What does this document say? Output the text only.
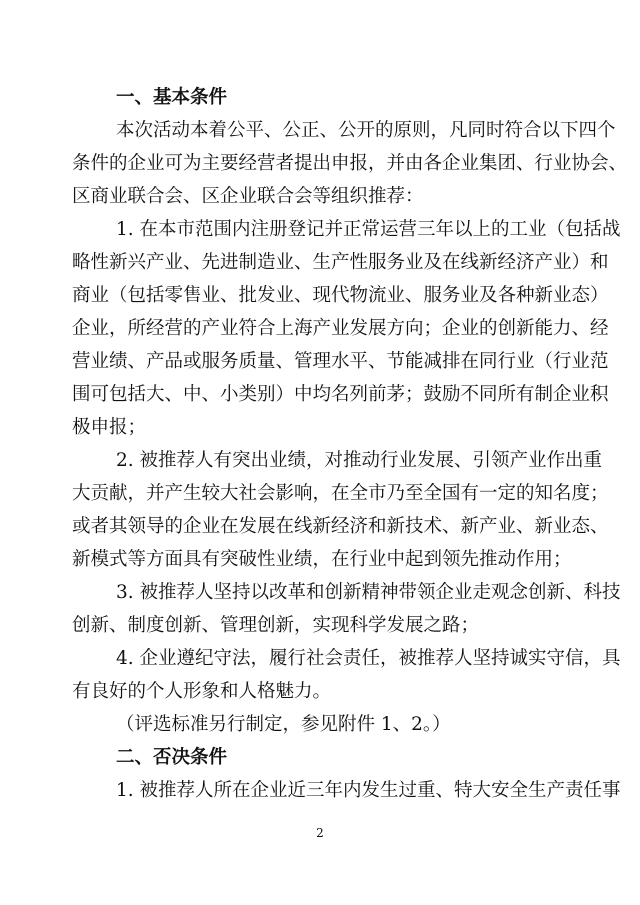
一、基本条件
本次活动本着公平、公正、公开的原则，凡同时符合以下四个
条件的企业可为主要经营者提出申报，并由各企业集团、行业协会、
区商业联合会、区企业联合会等组织推荐：
1. 在本市范围内注册登记并正常运营三年以上的工业（包括战
略性新兴产业、先进制造业、生产性服务业及在线新经济产业）和
商业（包括零售业、批发业、现代物流业、服务业及各种新业态）
企业，所经营的产业符合上海产业发展方向；企业的创新能力、经
营业绩、产品或服务质量、管理水平、节能减排在同行业（行业范
围可包括大、中、小类别）中均名列前茅；鼓励不同所有制企业积
极申报；
2. 被推荐人有突出业绩，对推动行业发展、引领产业作出重
大贡献，并产生较大社会影响，在全市乃至全国有一定的知名度；
或者其领导的企业在发展在线新经济和新技术、新产业、新业态、
新模式等方面具有突破性业绩，在行业中起到领先推动作用；
3. 被推荐人坚持以改革和创新精神带领企业走观念创新、科技
创新、制度创新、管理创新，实现科学发展之路；
4. 企业遵纪守法，履行社会责任，被推荐人坚持诚实守信，具
有良好的个人形象和人格魅力。
（评选标准另行制定，参见附件 1、2。）
二、否决条件
1. 被推荐人所在企业近三年内发生过重、特大安全生产责任事
2
